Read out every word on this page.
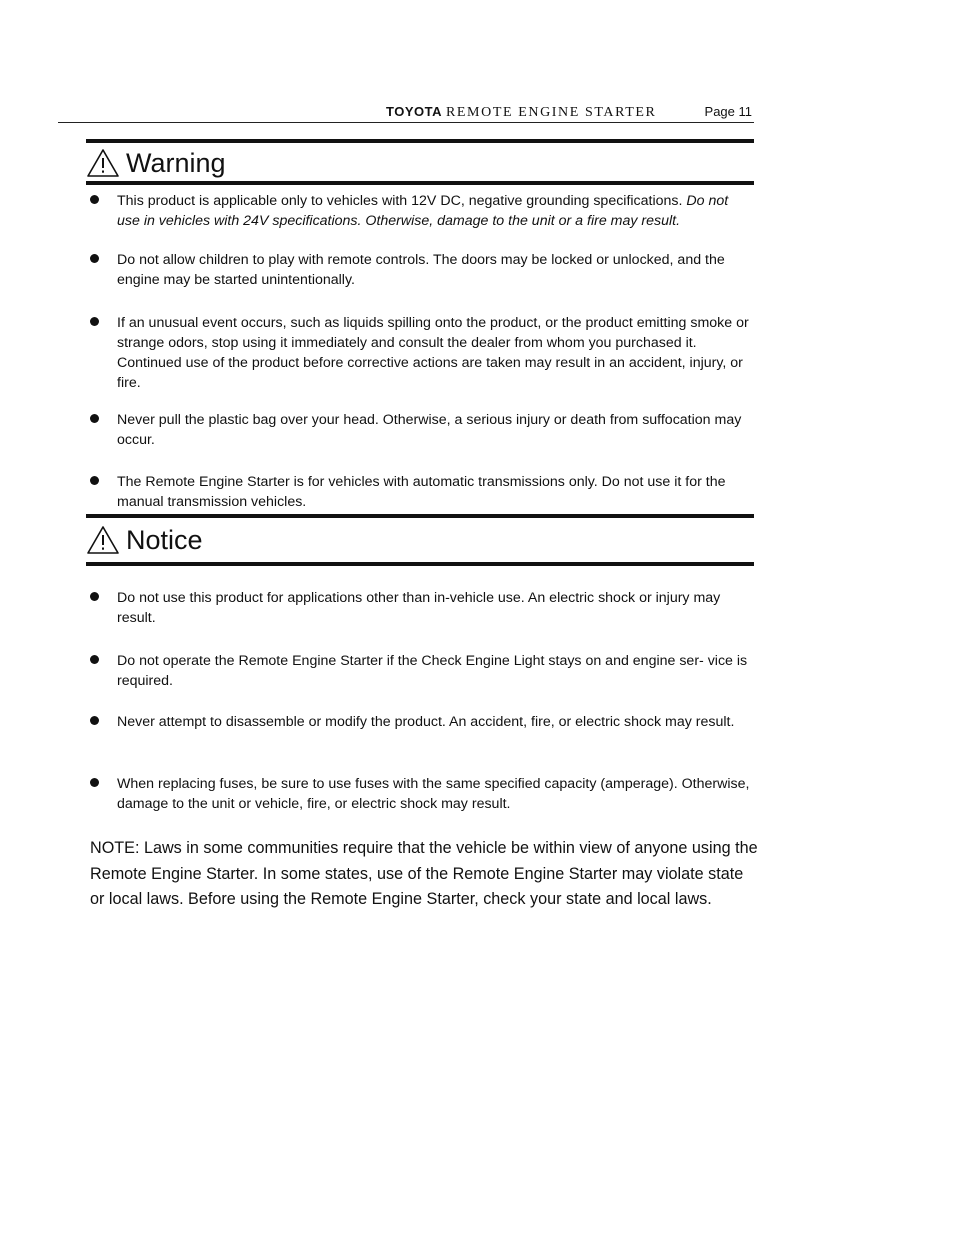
TOYOTA REMOTE ENGINE STARTER	Page 11
Warning
This product is applicable only to vehicles with 12V DC, negative grounding specifications. Do not use in vehicles with 24V specifications. Otherwise, damage to the unit or a fire may result.
Do not allow children to play with remote controls. The doors may be locked or unlocked, and the engine may be started unintentionally.
If an unusual event occurs, such as liquids spilling onto the product, or the product emitting smoke or strange odors, stop using it immediately and consult the dealer from whom you purchased it. Continued use of the product before corrective actions are taken may result in an accident, injury, or fire.
Never pull the plastic bag over your head. Otherwise, a serious injury or death from suffocation may occur.
The Remote Engine Starter is for vehicles with automatic transmissions only. Do not use it for the manual transmission vehicles.
Notice
Do not use this product for applications other than in-vehicle use. An electric shock or injury may result.
Do not operate the Remote Engine Starter if the Check Engine Light stays on and engine ser- vice is required.
Never attempt to disassemble or modify the product. An accident, fire, or electric shock may result.
When replacing fuses, be sure to use fuses with the same specified capacity (amperage). Otherwise, damage to the unit or vehicle, fire, or electric shock may result.
NOTE: Laws in some communities require that the vehicle be within view of anyone using the Remote Engine Starter. In some states, use of the Remote Engine Starter may violate state or local laws. Before using the Remote Engine Starter, check your state and local laws.
